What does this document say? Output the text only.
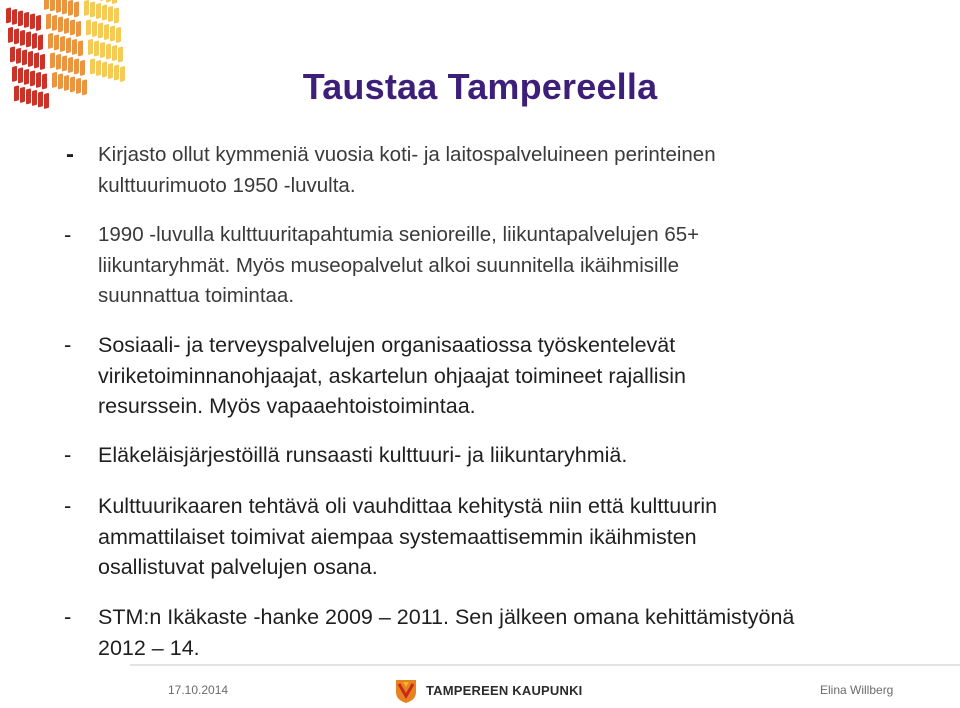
Taustaa Tampereella
- Kirjasto ollut kymmeniä vuosia koti- ja laitospalveluineen perinteinen
kulttuurimuoto 1950 -luvulta.
- 1990 -luvulla kulttuuritapahtumia senioreille, liikuntapalvelujen 65+
liikuntaryhmät. Myös museopalvelut alkoi suunnitella ikäihmisille
suunnattua toimintaa.
- Sosiaali- ja terveyspalvelujen organisaatiossa työskentelevät
viriketoiminnanohjaajat, askartelun ohjaajat toimineet rajallisin
resurssein. Myös vapaaehtoistoimintaa.
- Eläkeläisjärjestöillä runsaasti kulttuuri- ja liikuntaryhmiä.
- Kulttuurikaaren tehtävä oli vauhdittaa kehitystä niin että kulttuurin
ammattilaiset toimivat aiempaa systemaattisemmin ikäihmisten
osallistuvat palvelujen osana.
- STM:n Ikäkaste -hanke 2009 – 2011. Sen jälkeen omana kehittämistyönä
2012 – 14.
17.10.2014	TAMPEREEN KAUPUNKI	Elina Willberg
